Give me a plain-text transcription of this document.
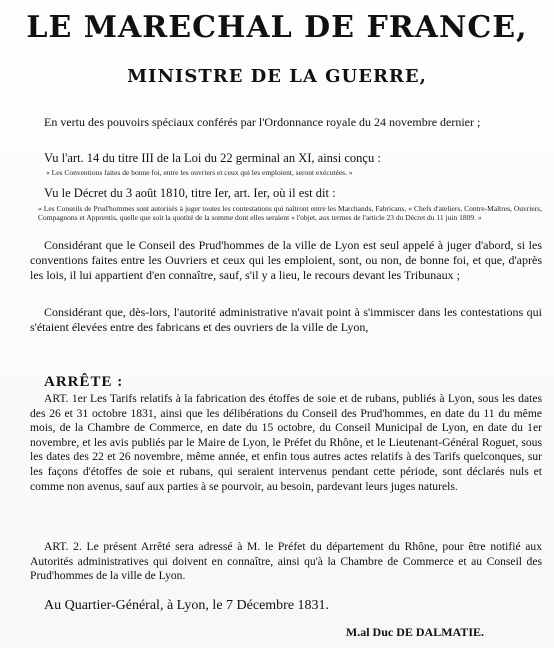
LE MARECHAL DE FRANCE,
MINISTRE DE LA GUERRE,
En vertu des pouvoirs spéciaux conférés par l'Ordonnance royale du 24 novembre dernier ;
Vu l'art. 14 du titre III de la Loi du 22 germinal an XI, ainsi conçu :
« Les Conventions faites de bonne foi, entre les ouvriers et ceux qui les emploient, seront exécutées. »
Vu le Décret du 3 août 1810, titre Ier, art. Ier, où il est dit :
« Les Conseils de Prud'hommes sont autorisés à juger toutes les contestations qui naîtront entre les Marchands, Fabricans, « Chefs d'ateliers, Contre-Maîtres, Ouvriers, Compagnons et Apprentis, quelle que soit la quotité de la somme dont elles seraient « l'objet, aux termes de l'article 23 du Décret du 11 juin 1809. »
Considérant que le Conseil des Prud'hommes de la ville de Lyon est seul appelé à juger d'abord, si les conventions faites entre les Ouvriers et ceux qui les emploient, sont, ou non, de bonne foi, et que, d'après les lois, il lui appartient d'en connaître, sauf, s'il y a lieu, le recours devant les Tribunaux ;
Considérant que, dès-lors, l'autorité administrative n'avait point à s'immiscer dans les contestations qui s'étaient élevées entre des fabricans et des ouvriers de la ville de Lyon,
ARRÊTE :
ART. 1er Les Tarifs relatifs à la fabrication des étoffes de soie et de rubans, publiés à Lyon, sous les dates des 26 et 31 octobre 1831, ainsi que les délibérations du Conseil des Prud'hommes, en date du 11 du même mois, de la Chambre de Commerce, en date du 15 octobre, du Conseil Municipal de Lyon, en date du 1er novembre, et les avis publiés par le Maire de Lyon, le Préfet du Rhône, et le Lieutenant-Général Roguet, sous les dates des 22 et 26 novembre, même année, et enfin tous autres actes relatifs à des Tarifs quelconques, sur les façons d'étoffes de soie et rubans, qui seraient intervenus pendant cette période, sont déclarés nuls et comme non avenus, sauf aux parties à se pourvoir, au besoin, pardevant leurs juges naturels.
ART. 2. Le présent Arrêté sera adressé à M. le Préfet du département du Rhône, pour être notifié aux Autorités administratives qui doivent en connaître, ainsi qu'à la Chambre de Commerce et au Conseil des Prud'hommes de la ville de Lyon.
Au Quartier-Général, à Lyon, le 7 Décembre 1831.
M.al Duc DE DALMATIE.
